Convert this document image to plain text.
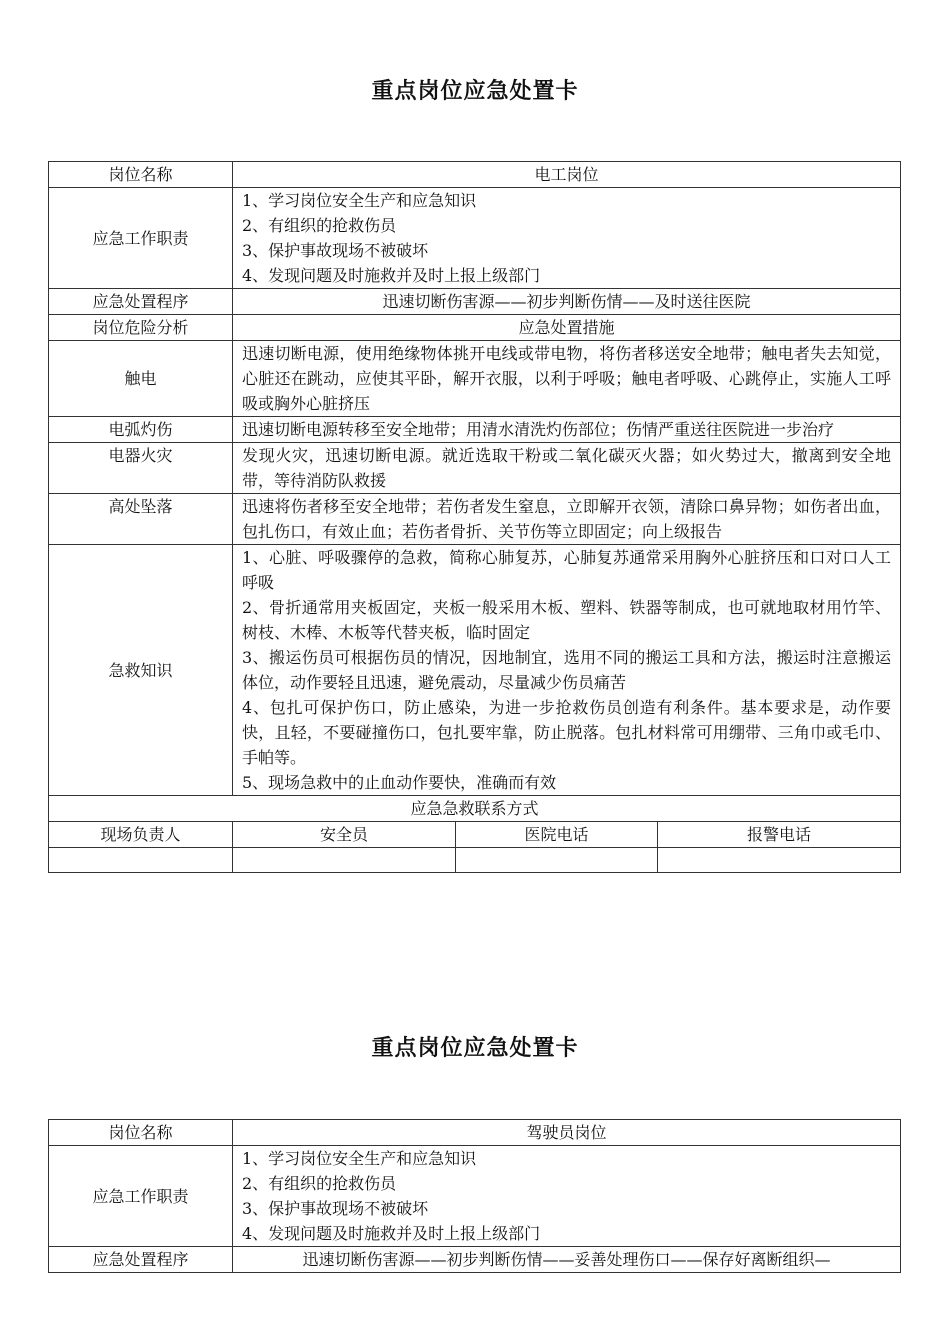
重点岗位应急处置卡
岗位名称	电工岗位		
应急工作职责	1、学习岗位安全生产和应急知识
2、有组织的抢救伤员
3、保护事故现场不被破坏
4、发现问题及时施救并及时上报上级部门		

应急处置程序	迅速切断伤害源——初步判断伤情——及时送往医院		
岗位危险分析	应急处置措施		
触电	迅速切断电源，使用绝缘物体挑开电线或带电物，将伤者移送安全地带；触电者失去知觉，心脏还在跳动，应使其平卧，解开衣服，以利于呼吸；触电者呼吸、心跳停止，实施人工呼吸或胸外心脏挤压		
电弧灼伤	迅速切断电源转移至安全地带；用清水清洗灼伤部位；伤情严重送往医院进一步治疗		
电器火灾	发现火灾，迅速切断电源。就近选取干粉或二氧化碳灭火器；如火势过大，撤离到安全地带，等待消防队救援		
高处坠落	迅速将伤者移至安全地带；若伤者发生窒息，立即解开衣领，清除口鼻异物；如伤者出血，包扎伤口，有效止血；若伤者骨折、关节伤等立即固定；向上级报告		
急救知识	1、心脏、呼吸骤停的急救，简称心肺复苏，心肺复苏通常采用胸外心脏挤压和口对口人工呼吸
2、骨折通常用夹板固定，夹板一般采用木板、塑料、铁器等制成，也可就地取材用竹竿、树枝、木棒、木板等代替夹板，临时固定
3、搬运伤员可根据伤员的情况，因地制宜，选用不同的搬运工具和方法，搬运时注意搬运体位，动作要轻且迅速，避免震动，尽量减少伤员痛苦
4、包扎可保护伤口，防止感染，为进一步抢救伤员创造有利条件。基本要求是，动作要快，且轻，不要碰撞伤口，包扎要牢靠，防止脱落。包扎材料常可用绷带、三角巾或毛巾、手帕等。
5、现场急救中的止血动作要快，准确而有效		

应急急救联系方式			
现场负责人	安全员	医院电话	报警电话

重点岗位应急处置卡
岗位名称	驾驶员岗位
应急工作职责	1、学习岗位安全生产和应急知识
2、有组织的抢救伤员
3、保护事故现场不被破坏
4、发现问题及时施救并及时上报上级部门

应急处置程序	迅速切断伤害源——初步判断伤情——妥善处理伤口——保存好离断组织—
